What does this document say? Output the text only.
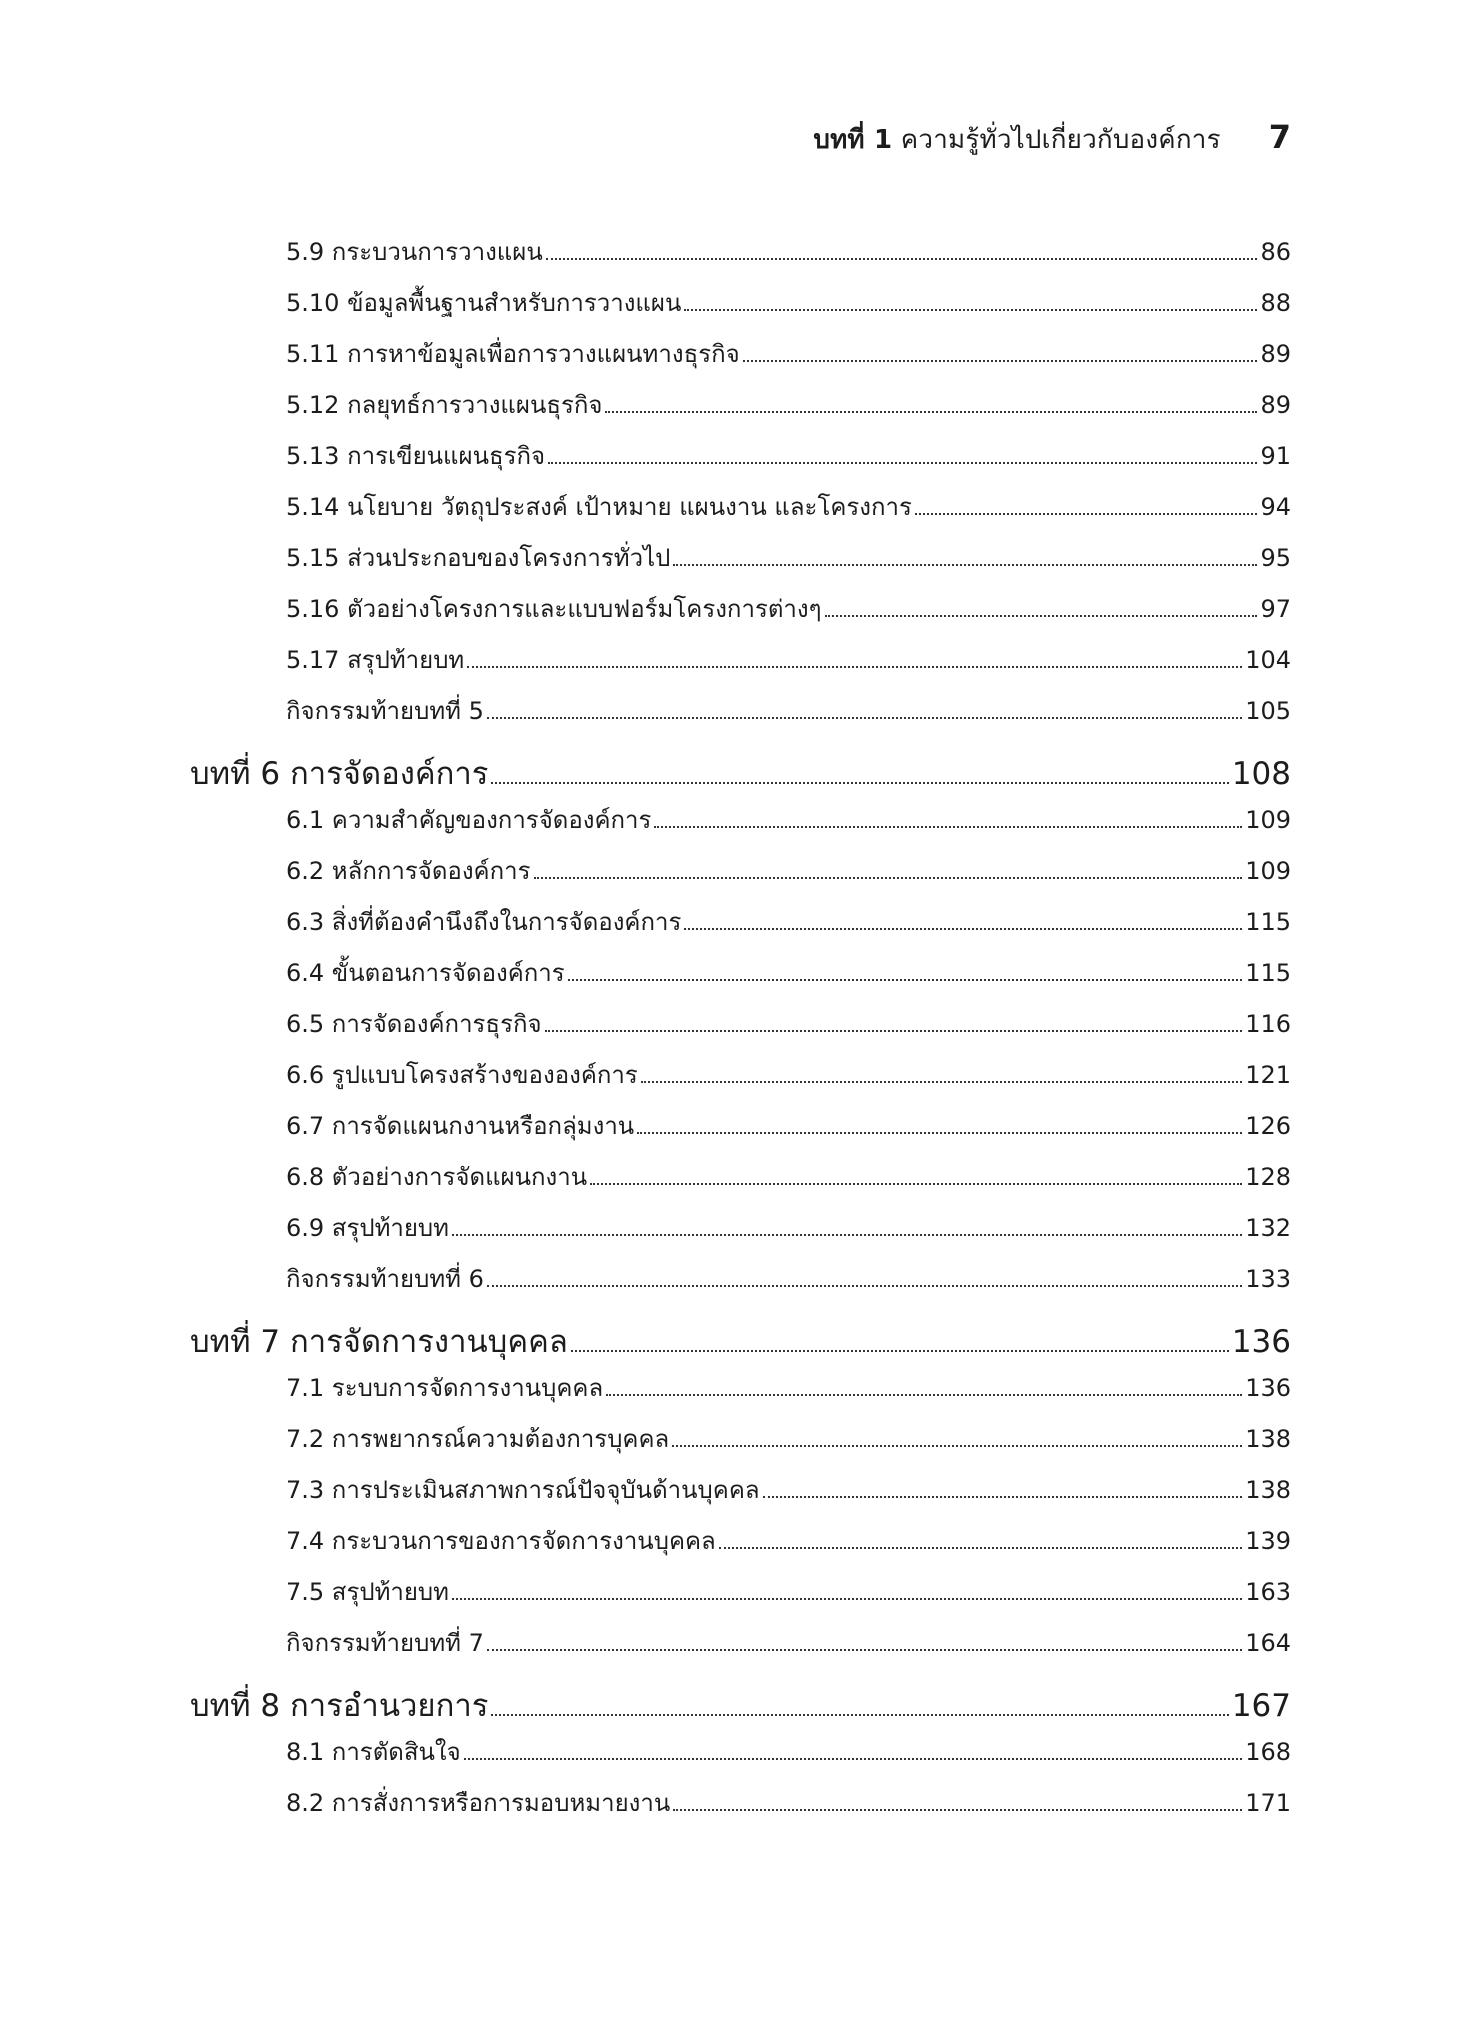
บทที่ 1 ความรู้ทั่วไปเกี่ยวกับองค์การ 7
5.9 กระบวนการวางแผน	86
5.10 ข้อมูลพื้นฐานสำหรับการวางแผน	88
5.11 การหาข้อมูลเพื่อการวางแผนทางธุรกิจ	89
5.12 กลยุทธ์การวางแผนธุรกิจ	89
5.13 การเขียนแผนธุรกิจ	91
5.14 นโยบาย วัตถุประสงค์ เป้าหมาย แผนงาน และโครงการ	94
5.15 ส่วนประกอบของโครงการทั่วไป	95
5.16 ตัวอย่างโครงการและแบบฟอร์มโครงการต่างๆ	97
5.17 สรุปท้ายบท	104
กิจกรรมท้ายบทที่ 5	105
บทที่ 6 การจัดองค์การ	108
6.1 ความสำคัญของการจัดองค์การ	109
6.2 หลักการจัดองค์การ	109
6.3 สิ่งที่ต้องคำนึงถึงในการจัดองค์การ	115
6.4 ขั้นตอนการจัดองค์การ	115
6.5 การจัดองค์การธุรกิจ	116
6.6 รูปแบบโครงสร้างขององค์การ	121
6.7 การจัดแผนกงานหรือกลุ่มงาน	126
6.8 ตัวอย่างการจัดแผนกงาน	128
6.9 สรุปท้ายบท	132
กิจกรรมท้ายบทที่ 6	133
บทที่ 7 การจัดการงานบุคคล	136
7.1 ระบบการจัดการงานบุคคล	136
7.2 การพยากรณ์ความต้องการบุคคล	138
7.3 การประเมินสภาพการณ์ปัจจุบันด้านบุคคล	138
7.4 กระบวนการของการจัดการงานบุคคล	139
7.5 สรุปท้ายบท	163
กิจกรรมท้ายบทที่ 7	164
บทที่ 8 การอำนวยการ	167
8.1 การตัดสินใจ	168
8.2 การสั่งการหรือการมอบหมายงาน	171
